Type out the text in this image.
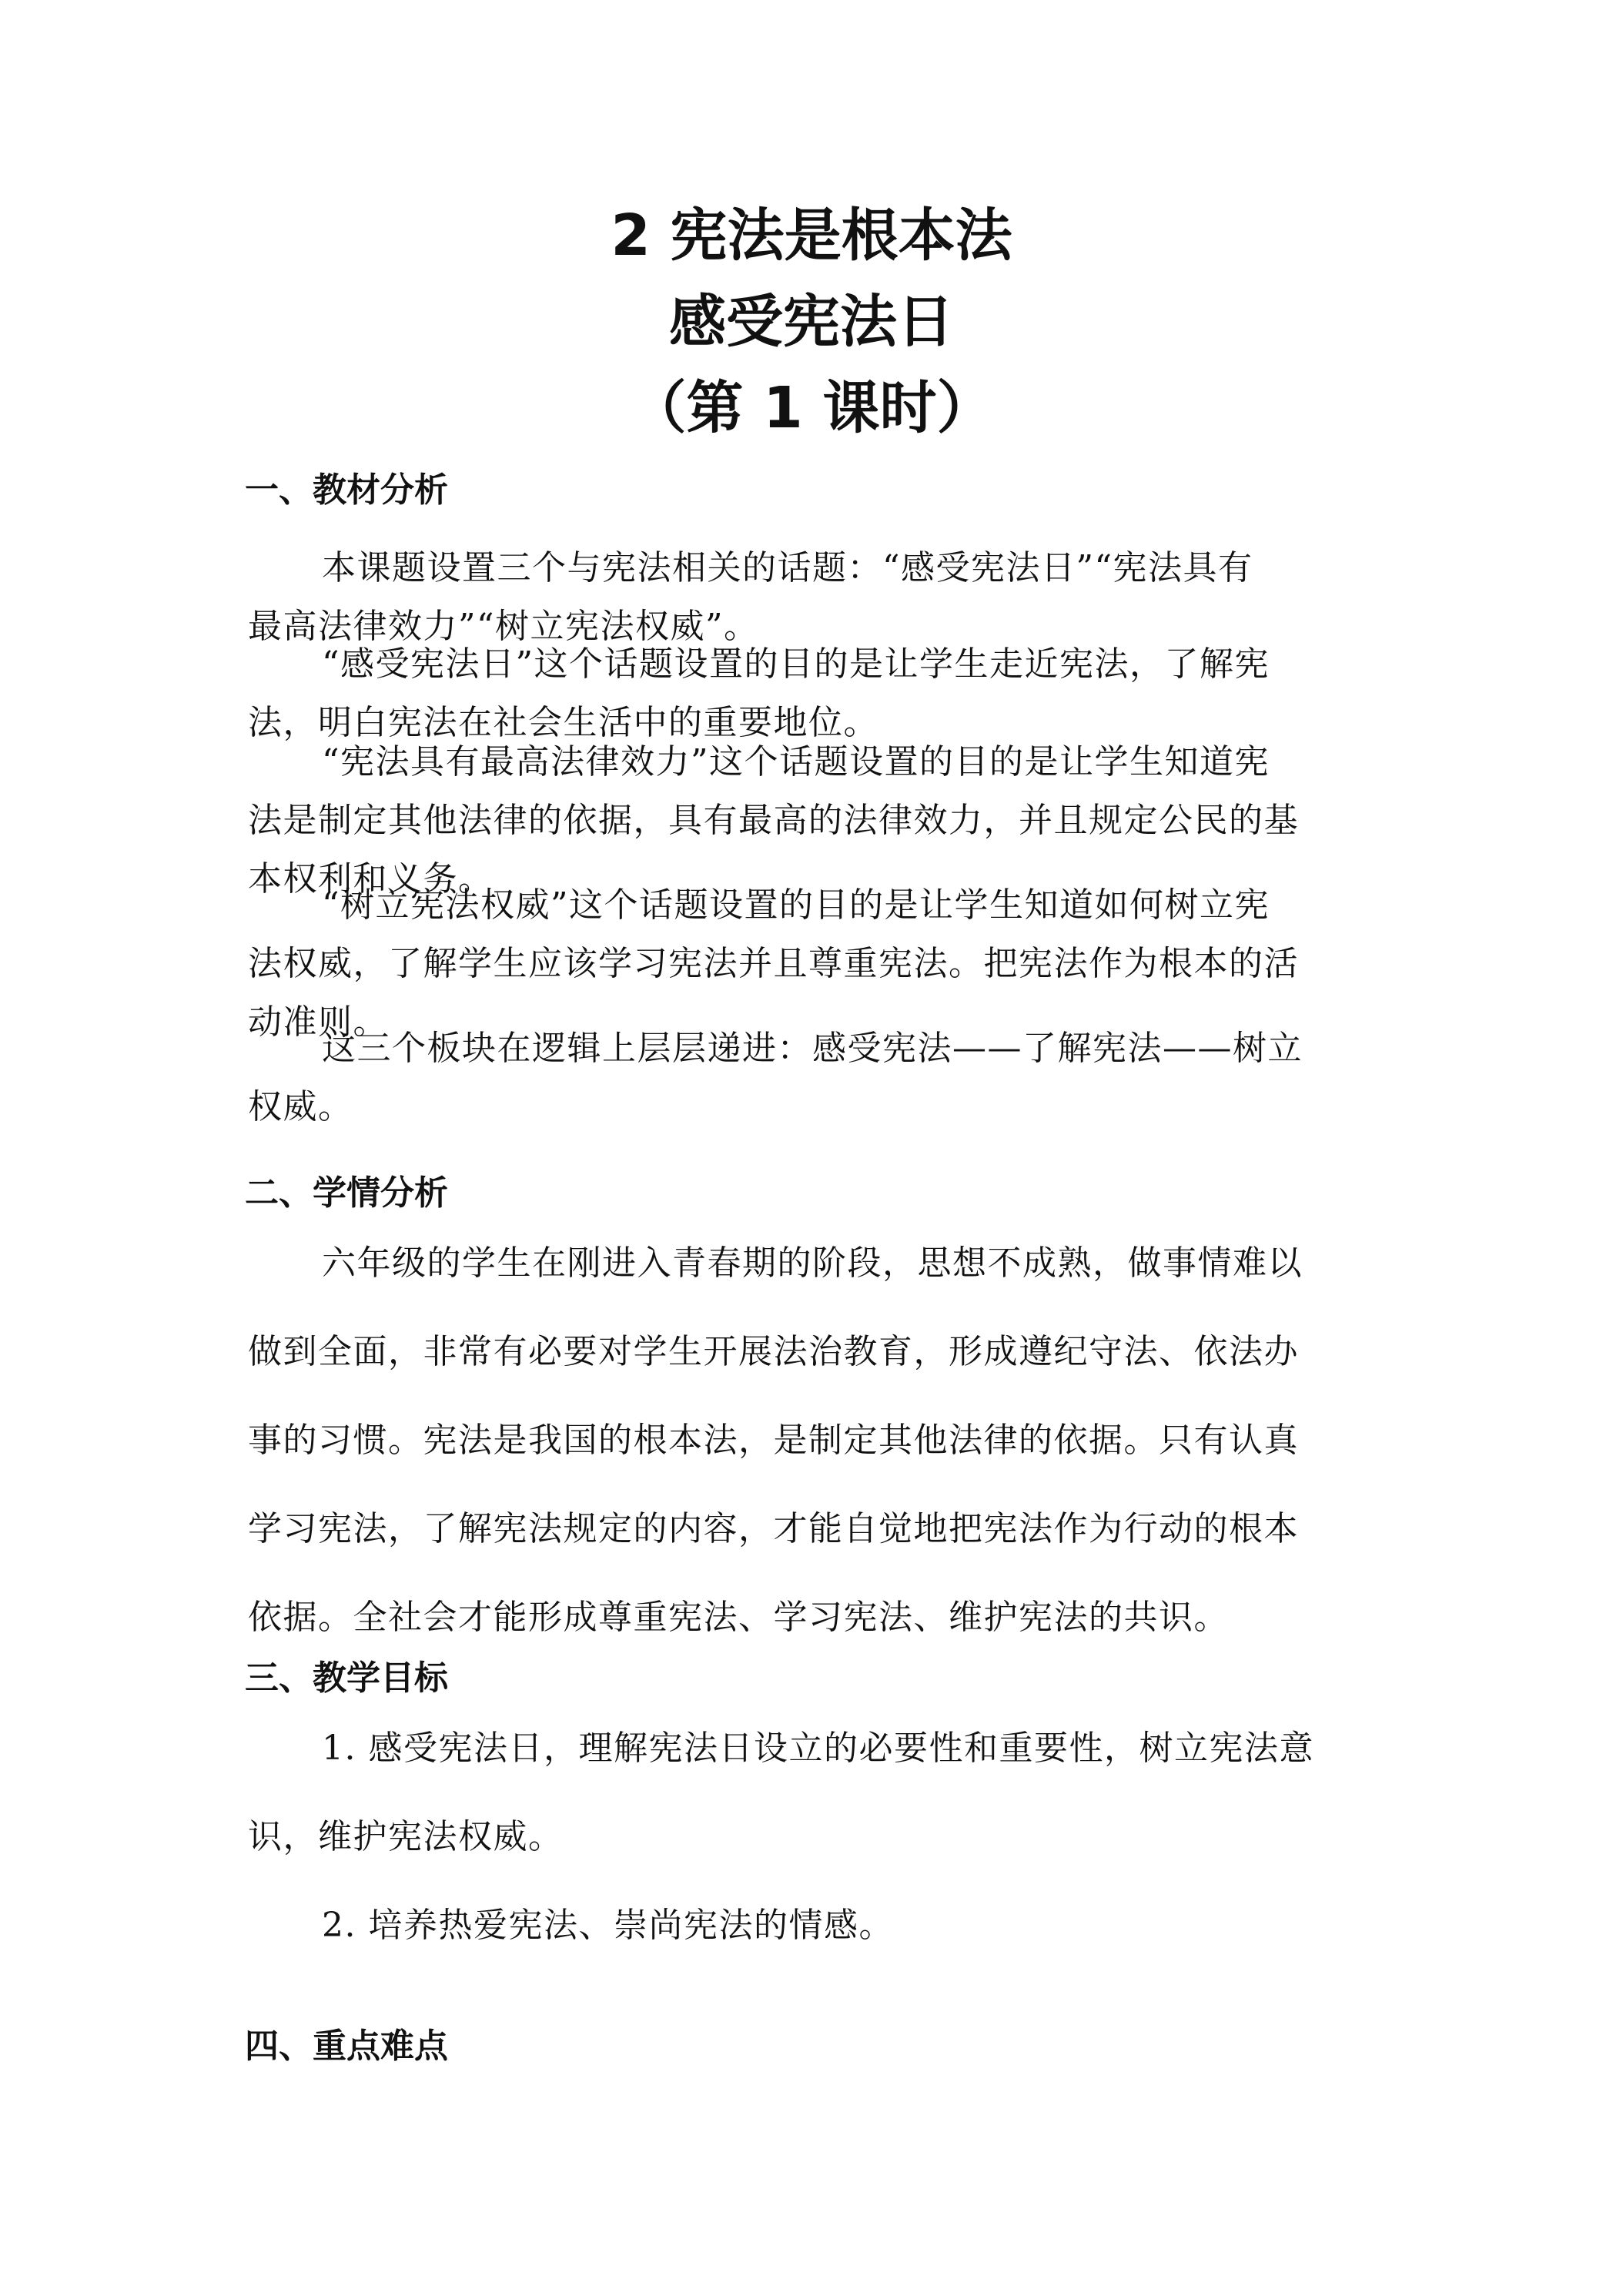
2 宪法是根本法
感受宪法日
（第 1 课时）
一、教材分析
本课题设置三个与宪法相关的话题：“感受宪法日”“宪法具有
最高法律效力”“树立宪法权威”。
“感受宪法日”这个话题设置的目的是让学生走近宪法，了解宪
法，明白宪法在社会生活中的重要地位。
“宪法具有最高法律效力”这个话题设置的目的是让学生知道宪
法是制定其他法律的依据，具有最高的法律效力，并且规定公民的基
本权利和义务。
“树立宪法权威”这个话题设置的目的是让学生知道如何树立宪
法权威，了解学生应该学习宪法并且尊重宪法。把宪法作为根本的活
动准则。
这三个板块在逻辑上层层递进：感受宪法——了解宪法——树立
权威。
二、学情分析
六年级的学生在刚进入青春期的阶段，思想不成熟，做事情难以
做到全面，非常有必要对学生开展法治教育，形成遵纪守法、依法办
事的习惯。宪法是我国的根本法，是制定其他法律的依据。只有认真
学习宪法，了解宪法规定的内容，才能自觉地把宪法作为行动的根本
依据。全社会才能形成尊重宪法、学习宪法、维护宪法的共识。
三、教学目标
1. 感受宪法日，理解宪法日设立的必要性和重要性，树立宪法意
识，维护宪法权威。
2. 培养热爱宪法、崇尚宪法的情感。
四、重点难点
